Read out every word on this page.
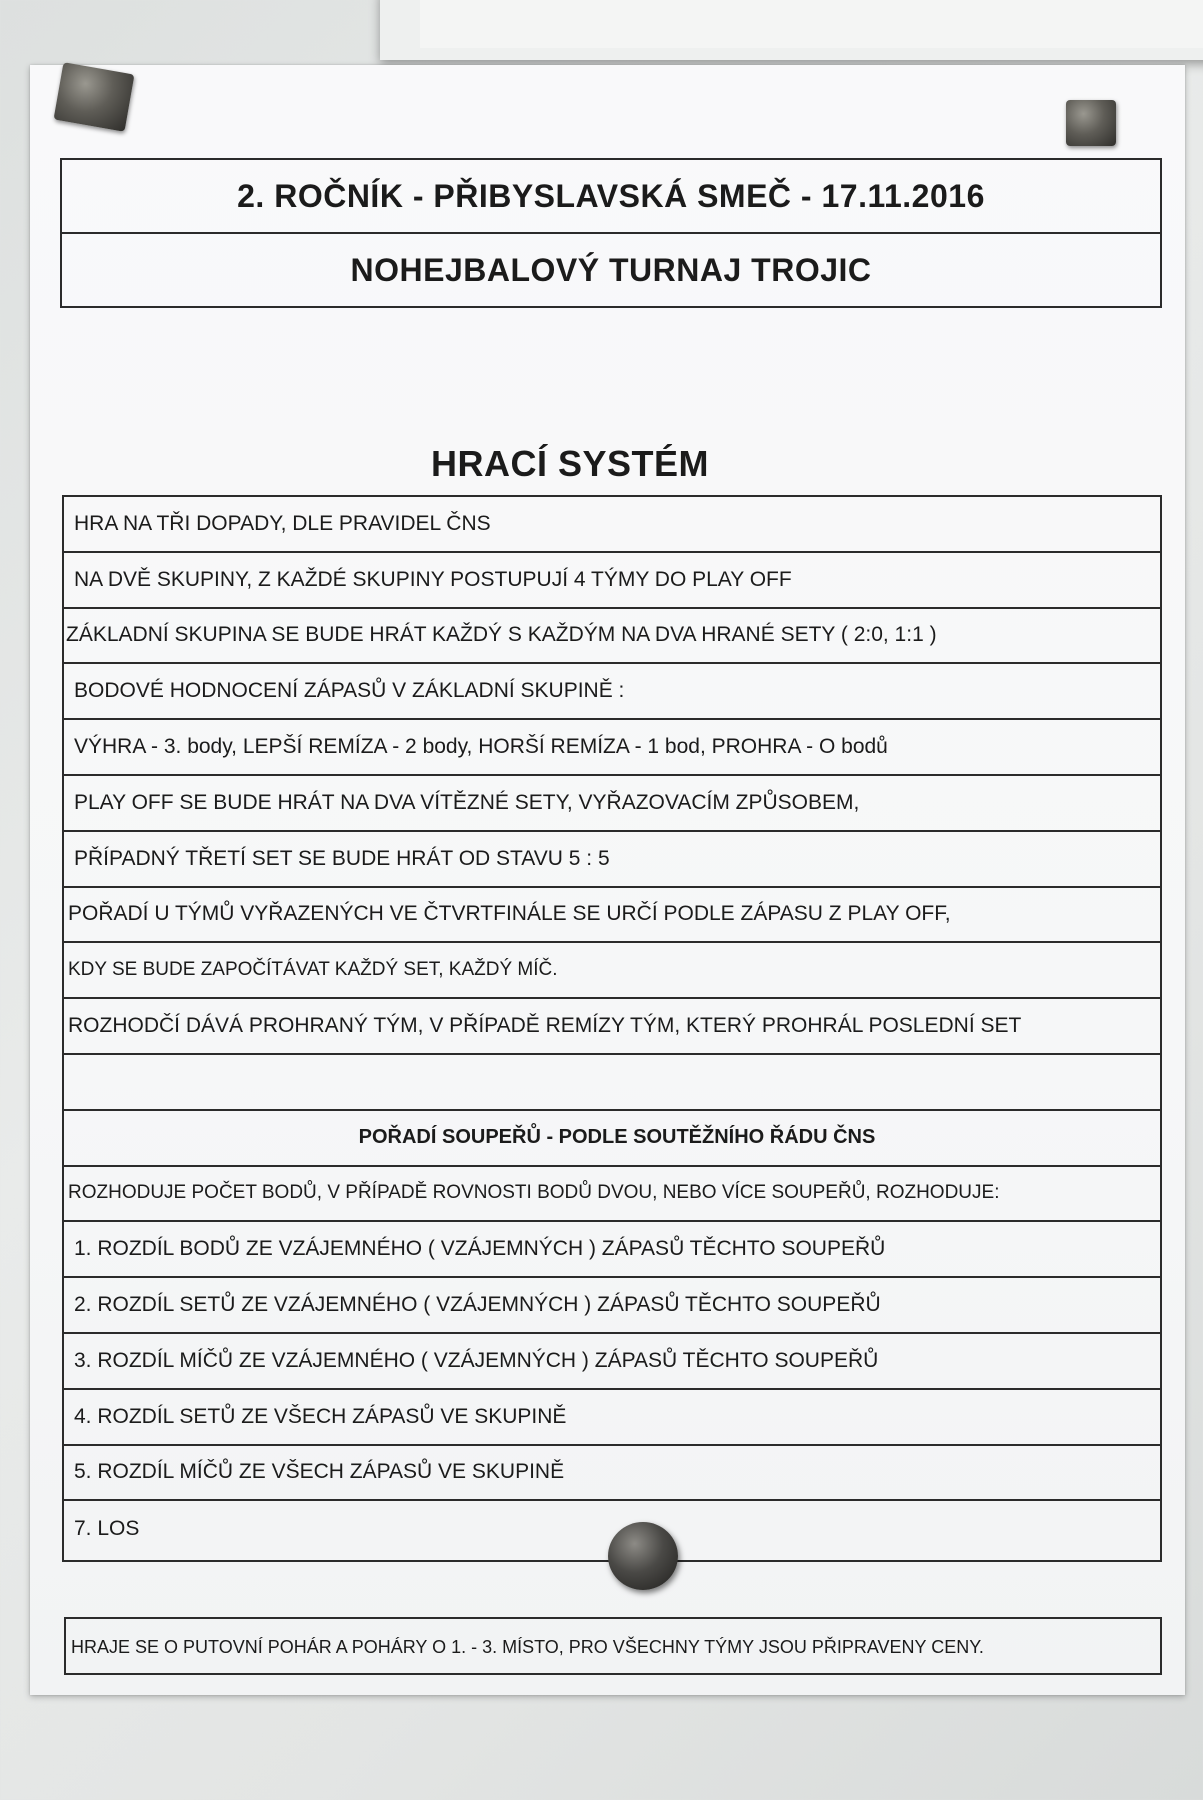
2. ROČNÍK - PŘIBYSLAVSKÁ SMEČ - 17.11.2016
NOHEJBALOVÝ TURNAJ TROJIC
HRACÍ SYSTÉM
HRA NA TŘI DOPADY, DLE PRAVIDEL ČNS
NA DVĚ SKUPINY, Z KAŽDÉ SKUPINY POSTUPUJÍ 4 TÝMY DO PLAY OFF
ZÁKLADNÍ SKUPINA SE BUDE HRÁT KAŽDÝ S KAŽDÝM NA DVA HRANÉ SETY ( 2:0, 1:1 )
BODOVÉ HODNOCENÍ ZÁPASŮ V ZÁKLADNÍ SKUPINĚ :
VÝHRA - 3. body, LEPŠÍ REMÍZA - 2 body, HORŠÍ REMÍZA - 1 bod, PROHRA - O bodů
PLAY OFF SE BUDE HRÁT NA DVA VÍTĚZNÉ SETY, VYŘAZOVACÍM ZPŮSOBEM,
PŘÍPADNÝ TŘETÍ SET SE BUDE HRÁT OD STAVU 5 : 5
POŘADÍ U TÝMŮ VYŘAZENÝCH VE ČTVRTFINÁLE SE URČÍ PODLE ZÁPASU Z PLAY OFF,
KDY SE BUDE ZAPOČÍTÁVAT KAŽDÝ SET, KAŽDÝ MÍČ.
ROZHODČÍ DÁVÁ PROHRANÝ TÝM, V PŘÍPADĚ REMÍZY TÝM, KTERÝ PROHRÁL POSLEDNÍ SET
POŘADÍ SOUPEŘŮ - PODLE SOUTĚŽNÍHO ŘÁDU ČNS
ROZHODUJE POČET BODŮ, V PŘÍPADĚ ROVNOSTI BODŮ DVOU, NEBO VÍCE SOUPEŘŮ, ROZHODUJE:
1. ROZDÍL BODŮ ZE VZÁJEMNÉHO ( VZÁJEMNÝCH ) ZÁPASŮ TĚCHTO SOUPEŘŮ
2. ROZDÍL SETŮ ZE VZÁJEMNÉHO ( VZÁJEMNÝCH ) ZÁPASŮ TĚCHTO SOUPEŘŮ
3. ROZDÍL MÍČŮ ZE VZÁJEMNÉHO ( VZÁJEMNÝCH ) ZÁPASŮ TĚCHTO SOUPEŘŮ
4. ROZDÍL SETŮ ZE VŠECH ZÁPASŮ VE SKUPINĚ
5. ROZDÍL MÍČŮ ZE VŠECH ZÁPASŮ VE SKUPINĚ
7. LOS
HRAJE SE O PUTOVNÍ POHÁR A POHÁRY O 1. - 3. MÍSTO, PRO VŠECHNY TÝMY JSOU PŘIPRAVENY CENY.
